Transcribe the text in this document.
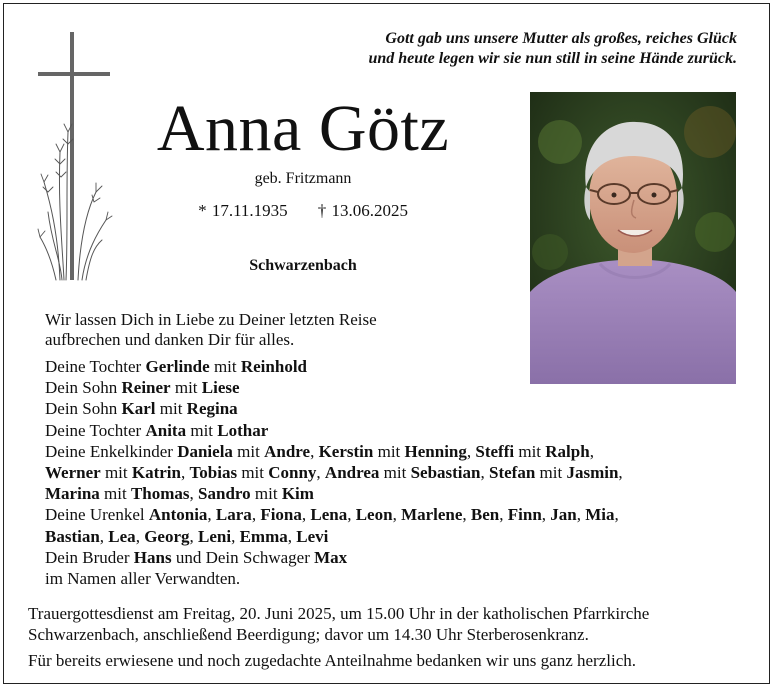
Gott gab uns unsere Mutter als großes, reiches Glück
und heute legen wir sie nun still in seine Hände zurück.
Anna Götz
geb. Fritzmann
* 17.11.1935 † 13.06.2025
Schwarzenbach
Wir lassen Dich in Liebe zu Deiner letzten Reise
aufbrechen und danken Dir für alles.
Deine Tochter Gerlinde mit Reinhold
Dein Sohn Reiner mit Liese
Dein Sohn Karl mit Regina
Deine Tochter Anita mit Lothar
Deine Enkelkinder Daniela mit Andre, Kerstin mit Henning, Steffi mit Ralph,
Werner mit Katrin, Tobias mit Conny, Andrea mit Sebastian, Stefan mit Jasmin,
Marina mit Thomas, Sandro mit Kim
Deine Urenkel Antonia, Lara, Fiona, Lena, Leon, Marlene, Ben, Finn, Jan, Mia,
Bastian, Lea, Georg, Leni, Emma, Levi
Dein Bruder Hans und Dein Schwager Max
im Namen aller Verwandten.
Trauergottesdienst am Freitag, 20. Juni 2025, um 15.00 Uhr in der katholischen Pfarrkirche
Schwarzenbach, anschließend Beerdigung; davor um 14.30 Uhr Sterberosenkranz.
Für bereits erwiesene und noch zugedachte Anteilnahme bedanken wir uns ganz herzlich.
